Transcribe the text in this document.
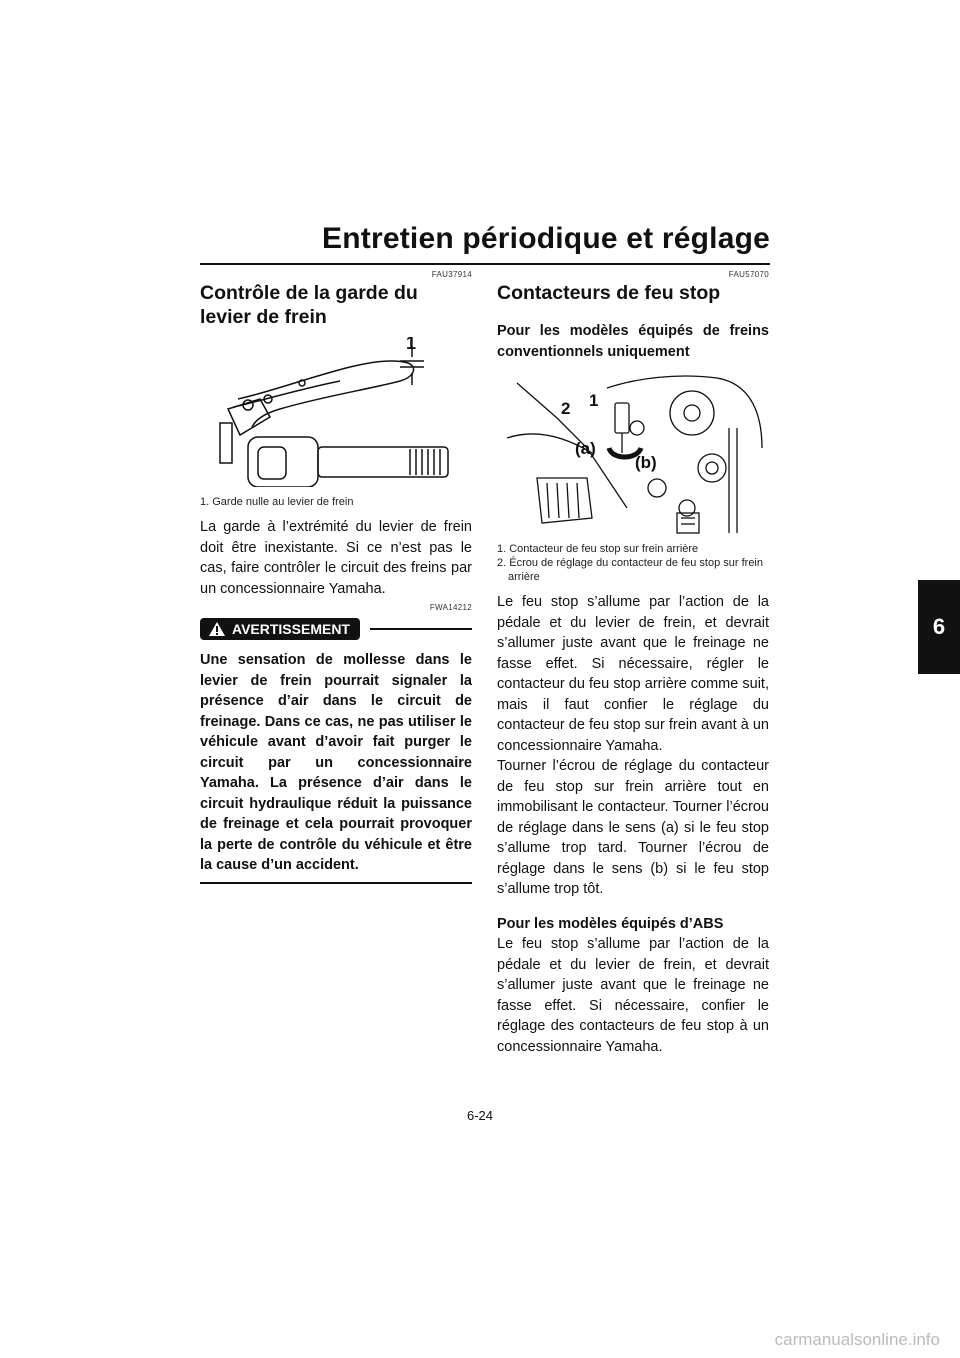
Entretien périodique et réglage
6
FAU37914
Contrôle de la garde du levier de frein
1

1. Garde nulle au levier de frein

La garde à l’extrémité du levier de frein doit être inexistante. Si ce n’est pas le cas, faire contrôler le circuit des freins par un concessionnaire Yamaha.

FWA14212
AVERTISSEMENT

Une sensation de mollesse dans le levier de frein pourrait signaler la présence d’air dans le circuit de freinage. Dans ce cas, ne pas utiliser le véhicule avant d’avoir fait purger le circuit par un concessionnaire Yamaha. La présence d’air dans le circuit hydraulique réduit la puissance de freinage et cela pourrait provoquer la perte de contrôle du véhicule et être la cause d’un accident.

FAU57070
Contacteurs de feu stop

Pour les modèles équipés de freins conventionnels uniquement

2 1
(a)
(b)

1. Contacteur de feu stop sur frein arrière

2. Écrou de réglage du contacteur de feu stop sur frein arrière

Le feu stop s’allume par l’action de la pédale et du levier de frein, et devrait s’allumer juste avant que le freinage ne fasse effet. Si nécessaire, régler le contacteur du feu stop arrière comme suit, mais il faut confier le réglage du contacteur de feu stop sur frein avant à un concessionnaire Yamaha.

Tourner l’écrou de réglage du contacteur de feu stop sur frein arrière tout en immobilisant le contacteur. Tourner l’écrou de réglage dans le sens (a) si le feu stop s’allume trop tard. Tourner l’écrou de réglage dans le sens (b) si le feu stop s’allume trop tôt.

Pour les modèles équipés d’ABS

Le feu stop s’allume par l’action de la pédale et du levier de frein, et devrait s’allumer juste avant que le freinage ne fasse effet. Si nécessaire, confier le réglage des contacteurs de feu stop à un concessionnaire Yamaha.

6-24
carmanualsonline.info
